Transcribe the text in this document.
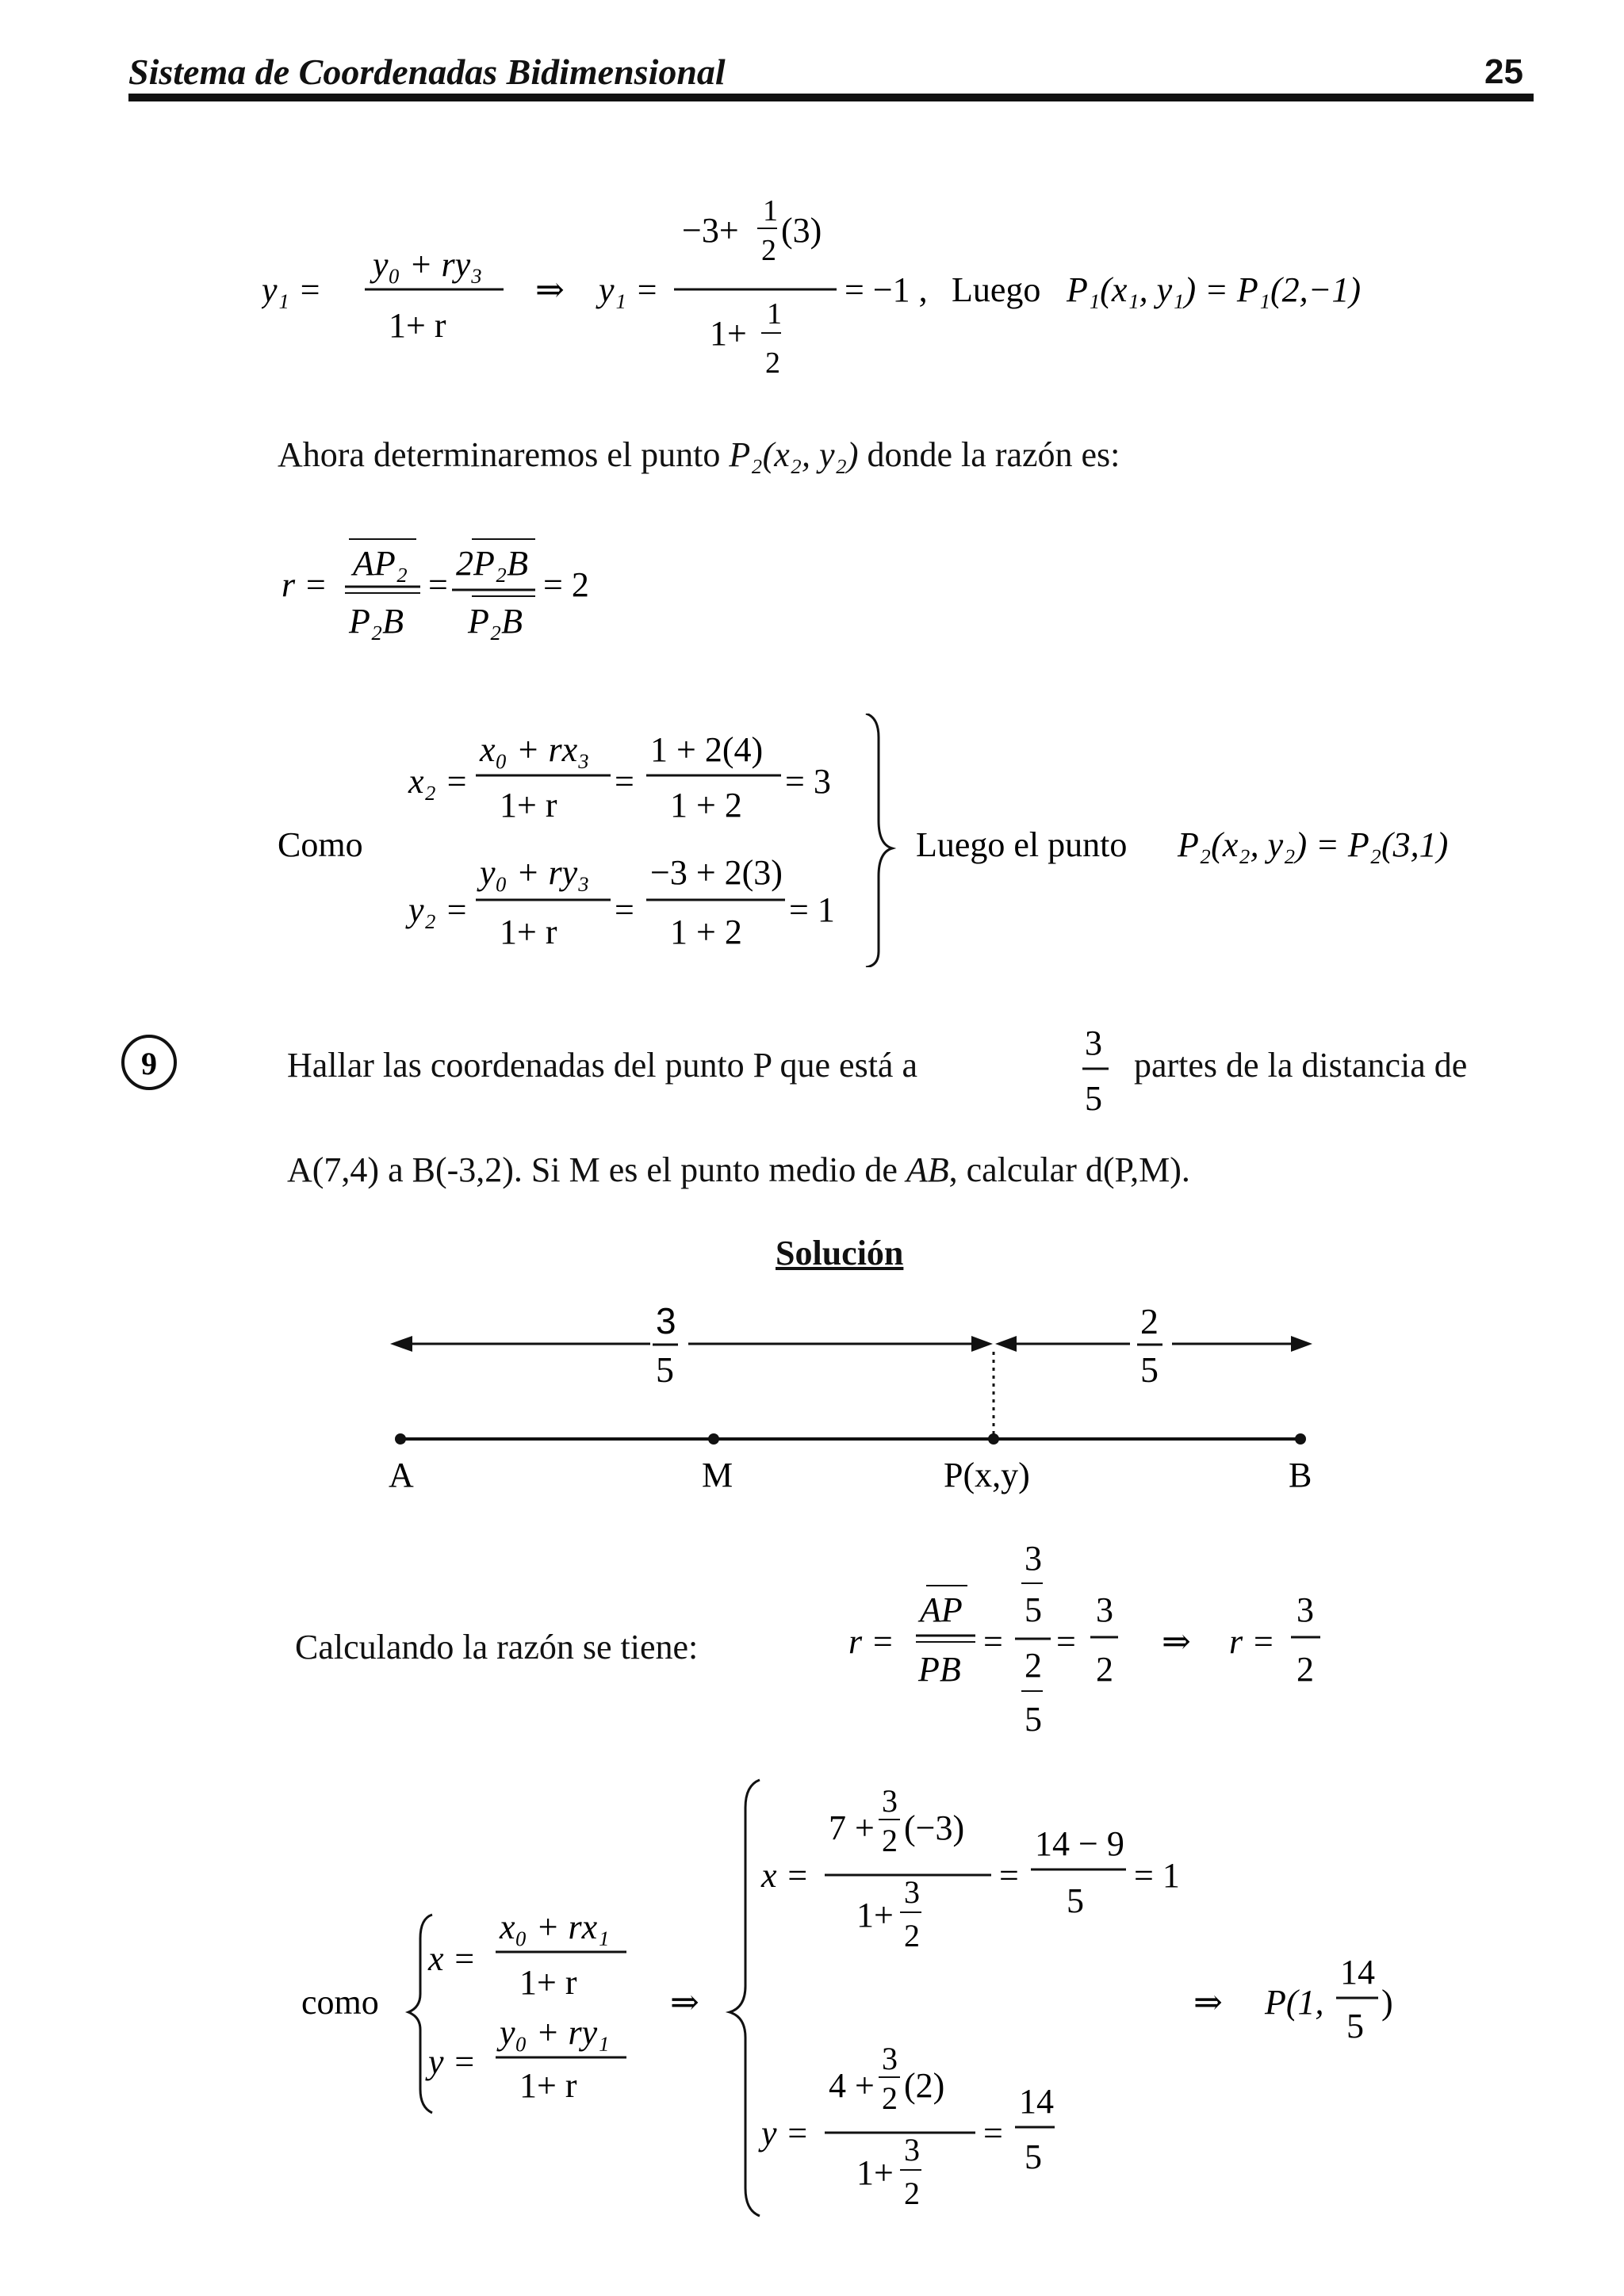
Sistema de Coordenadas Bidimensional	25
y₁ =
y₀ + ry₃
1+ r
⇒ y₁ =
−3+ 1
2
(3)
1+ 1
2
= −1 , Luego P₁(x₁, y₁) = P₁(2,−1)
Ahora determinaremos el punto P₂(x₂, y₂) donde la razón es:
r =
AP₂
P₂B
=
2P₂B
P₂B
= 2
Como
x₂ =
x₀ + rx₃
1+ r
=
1 + 2(4)
1 + 2
= 3
y₂ =
y₀ + ry₃
1+ r
=
−3 + 2(3)
1 + 2
= 1
Luego el punto P₂(x₂, y₂) = P₂(3,1)
9	Hallar las coordenadas del punto P que está a
3
5
partes de la distancia de
A(7,4) a B(-3,2). Si M es el punto medio de AB, calcular d(P,M).
Solución
3
5
2
5
A	M	P(x,y)	B
Calculando la razón se tiene:	r =
AP
PB
=
3
5
2
5
=
3
2
⇒ r =
3
2
como
x =
x₀ + rx₁
1+ r
y =
y₀ + ry₁
1+ r
⇒
x =
7 +
3
2 (−3)
1+
3
2
=
14 − 9
5
= 1
y =
4 +
3
2 (2)
1+
3
2
=
14
5
⇒ P(1,
14
5
)
